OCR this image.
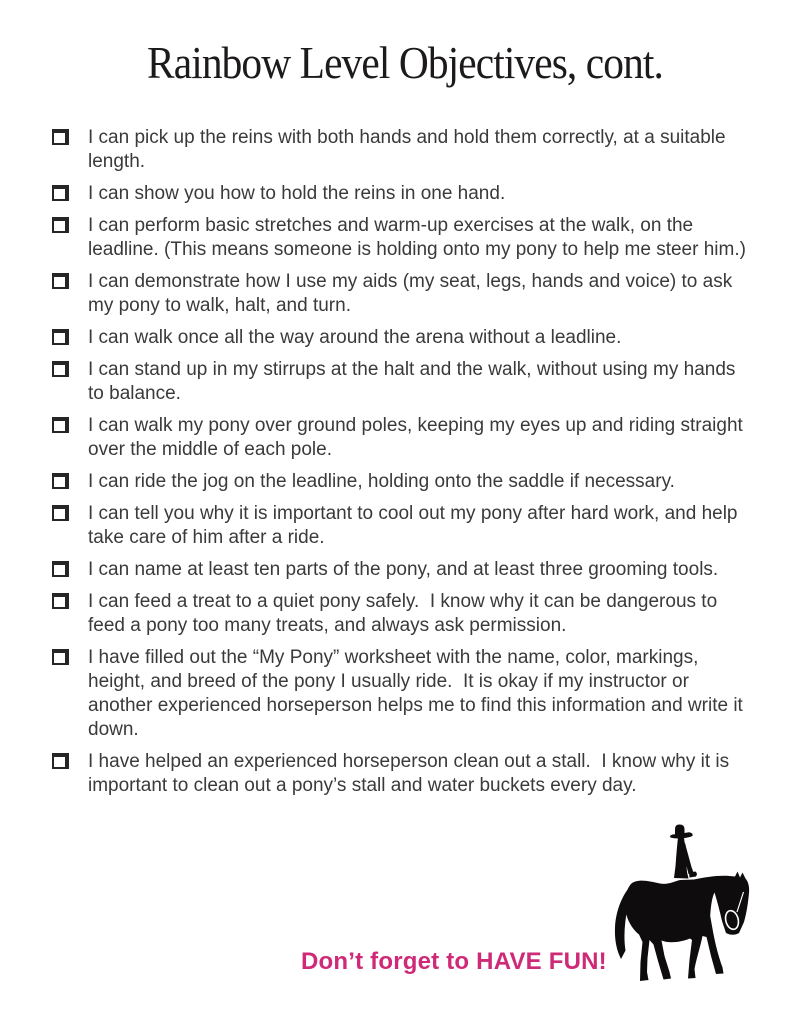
Rainbow Level Objectives, cont.
I can pick up the reins with both hands and hold them correctly, at a suitable length.
I can show you how to hold the reins in one hand.
I can perform basic stretches and warm-up exercises at the walk, on the leadline. (This means someone is holding onto my pony to help me steer him.)
I can demonstrate how I use my aids (my seat, legs, hands and voice) to ask my pony to walk, halt, and turn.
I can walk once all the way around the arena without a leadline.
I can stand up in my stirrups at the halt and the walk, without using my hands to balance.
I can walk my pony over ground poles, keeping my eyes up and riding straight over the middle of each pole.
I can ride the jog on the leadline, holding onto the saddle if necessary.
I can tell you why it is important to cool out my pony after hard work, and help take care of him after a ride.
I can name at least ten parts of the pony, and at least three grooming tools.
I can feed a treat to a quiet pony safely.  I know why it can be dangerous to feed a pony too many treats, and always ask permission.
I have filled out the “My Pony” worksheet with the name, color, markings, height, and breed of the pony I usually ride.  It is okay if my instructor or another experienced horseperson helps me to find this information and write it down.
I have helped an experienced horseperson clean out a stall.  I know why it is important to clean out a pony’s stall and water buckets every day.
Don’t forget to HAVE FUN!
